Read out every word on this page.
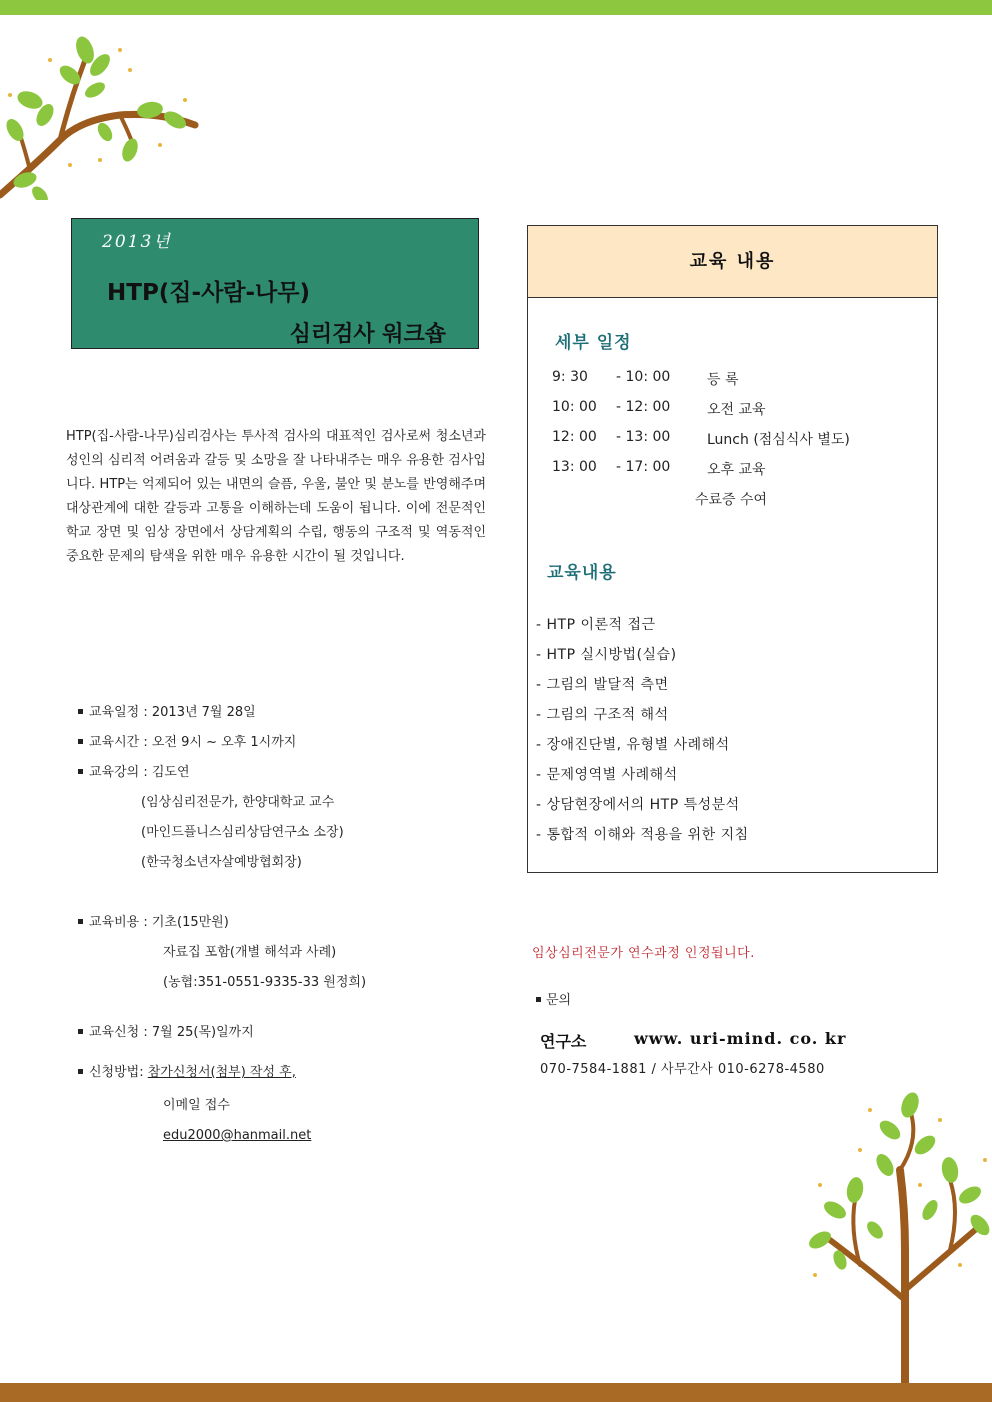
2013년
HTP(집-사람-나무)
심리검사 워크숍
HTP(집-사람-나무)심리검사는 투사적 검사의 대표적인 검사로써 청소년과 성인의 심리적 어려움과 갈등 및 소망을 잘 나타내주는 매우 유용한 검사입니다. HTP는 억제되어 있는 내면의 슬픔, 우울, 불안 및 분노를 반영해주며 대상관계에 대한 갈등과 고통을 이해하는데 도움이 됩니다. 이에 전문적인 학교 장면 및 임상 장면에서 상담계획의 수립, 행동의 구조적 및 역동적인 중요한 문제의 탐색을 위한 매우 유용한 시간이 될 것입니다.
교육일정 : 2013년 7월 28일
교육시간 : 오전 9시 ~ 오후 1시까지
교육강의 : 김도연
(임상심리전문가, 한양대학교 교수
(마인드플니스심리상담연구소 소장)
(한국청소년자살예방협회장)
교육비용 : 기초(15만원)
자료집 포함(개별 해석과 사례)
(농협:351-0551-9335-33 원정희)
교육신청 : 7월 25(목)일까지
신청방법: 참가신청서(첨부) 작성 후,
이메일 접수
edu2000@hanmail.net
교육 내용
세부 일정
9: 30 - 10: 00	등 록
10: 00 - 12: 00	오전 교육
12: 00 - 13: 00	Lunch (점심식사 별도)
13: 00 - 17: 00	오후 교육
수료증 수여
교육내용
- HTP 이론적 접근
- HTP 실시방법(실습)
- 그림의 발달적 측면
- 그림의 구조적 해석
- 장애진단별, 유형별 사례해석
- 문제영역별 사례해석
- 상담현장에서의 HTP 특성분석
- 통합적 이해와 적용을 위한 지침
임상심리전문가 연수과정 인정됩니다.
문의
연구소	www. uri-mind. co. kr
070-7584-1881 / 사무간사 010-6278-4580
